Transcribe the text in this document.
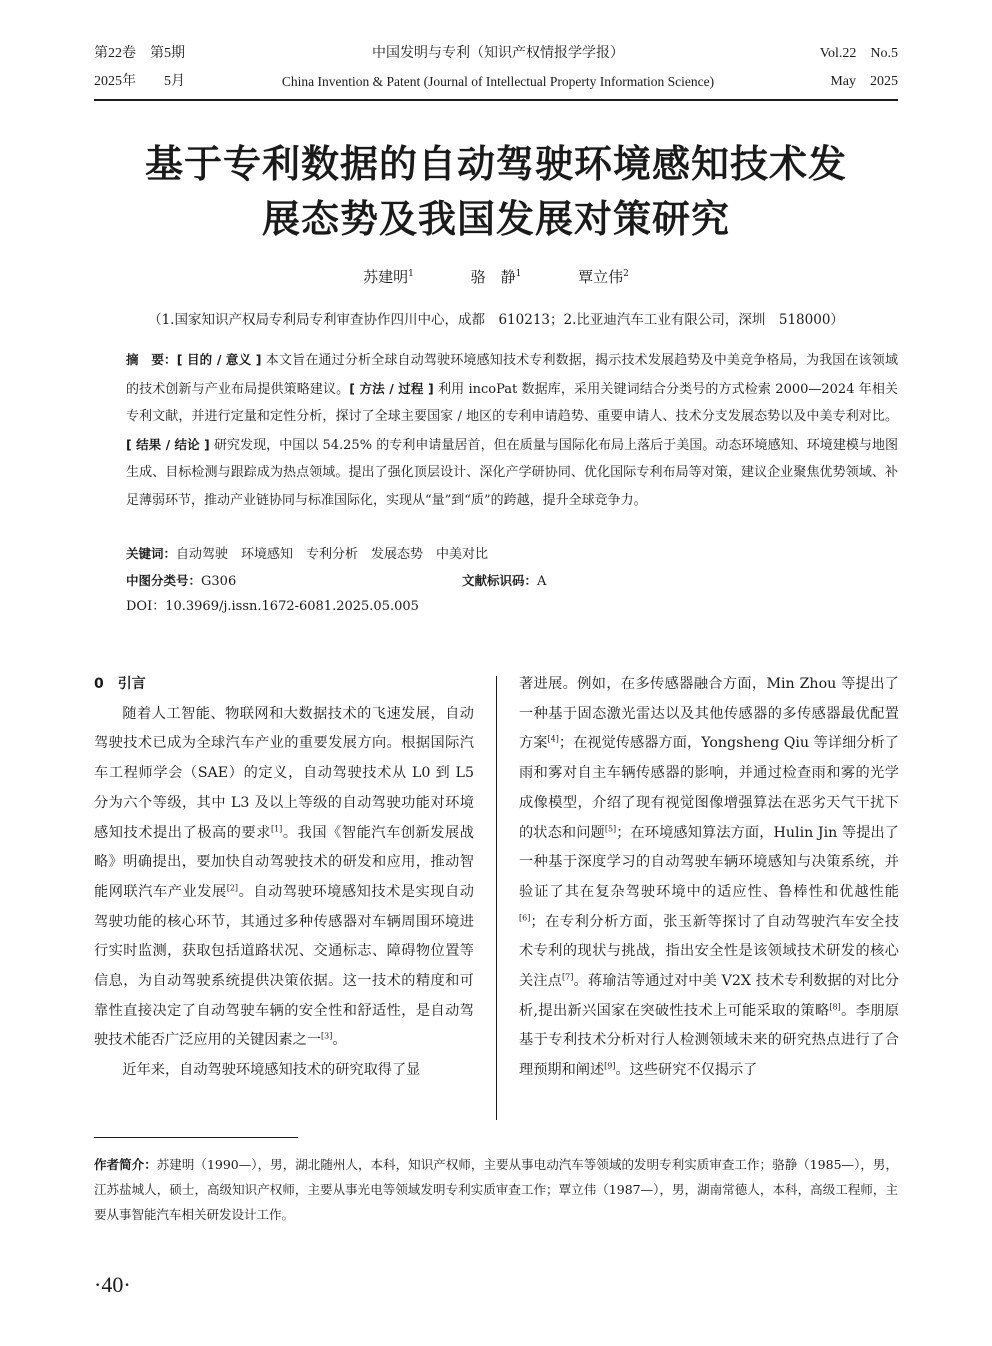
第22卷　第5期
2025年　　5月
中国发明与专利（知识产权情报学学报）
China Invention & Patent (Journal of Intellectual Property Information Science)
Vol.22　No.5
May　2025
基于专利数据的自动驾驶环境感知技术发
展态势及我国发展对策研究
苏建明$^1$	骆　静$^1$	覃立伟$^2$
（1.国家知识产权局专利局专利审查协作四川中心，成都　610213；2.比亚迪汽车工业有限公司，深圳　518000）
摘　要：[ 目的 / 意义 ] 本文旨在通过分析全球自动驾驶环境感知技术专利数据，揭示技术发展趋势及中美竞争格局，为我国在该领域的技术创新与产业布局提供策略建议。[ 方法 / 过程 ] 利用 incoPat 数据库，采用关键词结合分类号的方式检索 2000—2024 年相关专利文献，并进行定量和定性分析，探讨了全球主要国家 / 地区的专利申请趋势、重要申请人、技术分支发展态势以及中美专利对比。[ 结果 / 结论 ] 研究发现，中国以 54.25% 的专利申请量居首，但在质量与国际化布局上落后于美国。动态环境感知、环境建模与地图生成、目标检测与跟踪成为热点领域。提出了强化顶层设计、深化产学研协同、优化国际专利布局等对策，建议企业聚焦优势领域、补足薄弱环节，推动产业链协同与标准国际化，实现从“量”到“质”的跨越，提升全球竞争力。
关键词：自动驾驶　环境感知　专利分析　发展态势　中美对比
中图分类号：G306	文献标识码：A
DOI：10.3969/j.issn.1672-6081.2025.05.005

0　引言

随着人工智能、物联网和大数据技术的飞速发展，自动驾驶技术已成为全球汽车产业的重要发展方向。根据国际汽车工程师学会（SAE）的定义，自动驾驶技术从 L0 到 L5 分为六个等级，其中 L3 及以上等级的自动驾驶功能对环境感知技术提出了极高的要求[1]。我国《智能汽车创新发展战略》明确提出，要加快自动驾驶技术的研发和应用，推动智能网联汽车产业发展[2]。自动驾驶环境感知技术是实现自动驾驶功能的核心环节，其通过多种传感器对车辆周围环境进行实时监测，获取包括道路状况、交通标志、障碍物位置等信息，为自动驾驶系统提供决策依据。这一技术的精度和可靠性直接决定了自动驾驶车辆的安全性和舒适性，是自动驾驶技术能否广泛应用的关键因素之一[3]。

近年来，自动驾驶环境感知技术的研究取得了显

著进展。例如，在多传感器融合方面，Min Zhou 等提出了一种基于固态激光雷达以及其他传感器的多传感器最优配置方案[4]；在视觉传感器方面，Yongsheng Qiu 等详细分析了雨和雾对自主车辆传感器的影响，并通过检查雨和雾的光学成像模型，介绍了现有视觉图像增强算法在恶劣天气干扰下的状态和问题[5]；在环境感知算法方面，Hulin Jin 等提出了一种基于深度学习的自动驾驶车辆环境感知与决策系统，并验证了其在复杂驾驶环境中的适应性、鲁棒性和优越性能[6]；在专利分析方面，张玉新等探讨了自动驾驶汽车安全技术专利的现状与挑战，指出安全性是该领域技术研发的核心关注点[7]。蒋瑜洁等通过对中美 V2X 技术专利数据的对比分析,提出新兴国家在突破性技术上可能采取的策略[8]。李朋原基于专利技术分析对行人检测领域未来的研究热点进行了合理预期和阐述[9]。这些研究不仅揭示了

作者简介：苏建明（1990—），男，湖北随州人，本科，知识产权师，主要从事电动汽车等领域的发明专利实质审查工作；骆静（1985—），男，江苏盐城人，硕士，高级知识产权师，主要从事光电等领域发明专利实质审查工作；覃立伟（1987—），男，湖南常德人，本科，高级工程师，主要从事智能汽车相关研发设计工作。
·40·
